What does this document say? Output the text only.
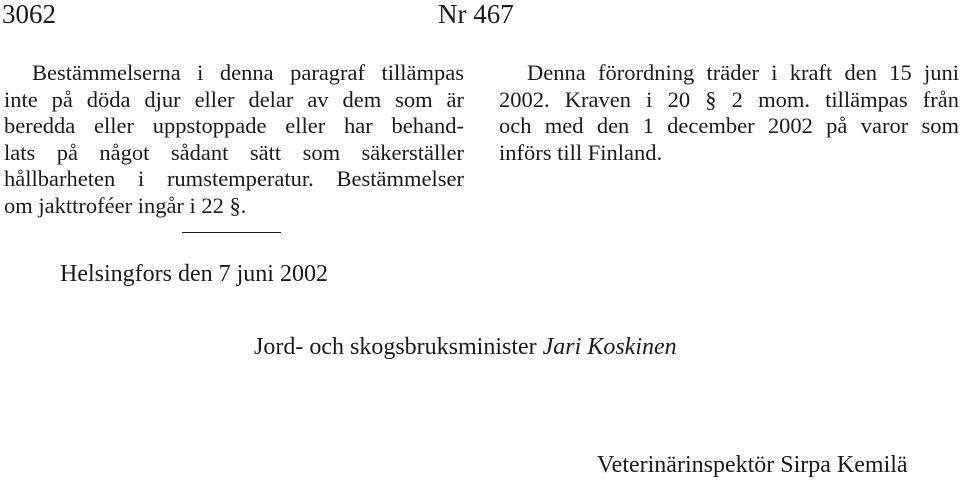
3062	Nr 467
Bestämmelserna i denna paragraf tillämpas
inte på döda djur eller delar av dem som är
beredda eller uppstoppade eller har behand-
lats på något sådant sätt som säkerställer
hållbarheten i rumstemperatur. Bestämmelser
om jakttroféer ingår i 22 §.
Denna förordning träder i kraft den 15 juni
2002. Kraven i 20 § 2 mom. tillämpas från
och med den 1 december 2002 på varor som
införs till Finland.
Helsingfors den 7 juni 2002
Jord- och skogsbruksminister Jari Koskinen
Veterinärinspektör Sirpa Kemilä
